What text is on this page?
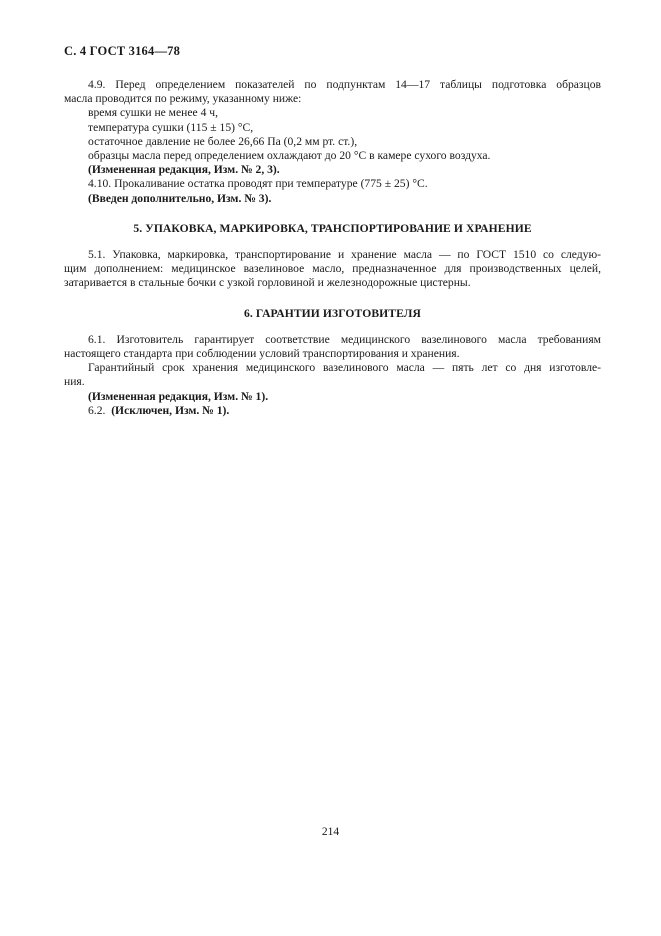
С. 4 ГОСТ 3164—78
4.9. Перед определением показателей по подпунктам 14—17 таблицы подготовка образцов
масла проводится по режиму, указанному ниже:
время сушки не менее 4 ч,
температура сушки (115 ± 15) °С,
остаточное давление не более 26,66 Па (0,2 мм рт. ст.),
образцы масла перед определением охлаждают до 20 °С в камере сухого воздуха.
(Измененная редакция, Изм. № 2, 3).
4.10. Прокаливание остатка проводят при температуре (775 ± 25) °С.
(Введен дополнительно, Изм. № 3).
5. УПАКОВКА, МАРКИРОВКА, ТРАНСПОРТИРОВАНИЕ И ХРАНЕНИЕ
5.1. Упаковка, маркировка, транспортирование и хранение масла — по ГОСТ 1510 со следую-
щим дополнением: медицинское вазелиновое масло, предназначенное для производственных целей,
затаривается в стальные бочки с узкой горловиной и железнодорожные цистерны.
6. ГАРАНТИИ ИЗГОТОВИТЕЛЯ
6.1. Изготовитель гарантирует соответствие медицинского вазелинового масла требованиям
настоящего стандарта при соблюдении условий транспортирования и хранения.
Гарантийный срок хранения медицинского вазелинового масла — пять лет со дня изготовле-
ния.
(Измененная редакция, Изм. № 1).
6.2. (Исключен, Изм. № 1).
214
